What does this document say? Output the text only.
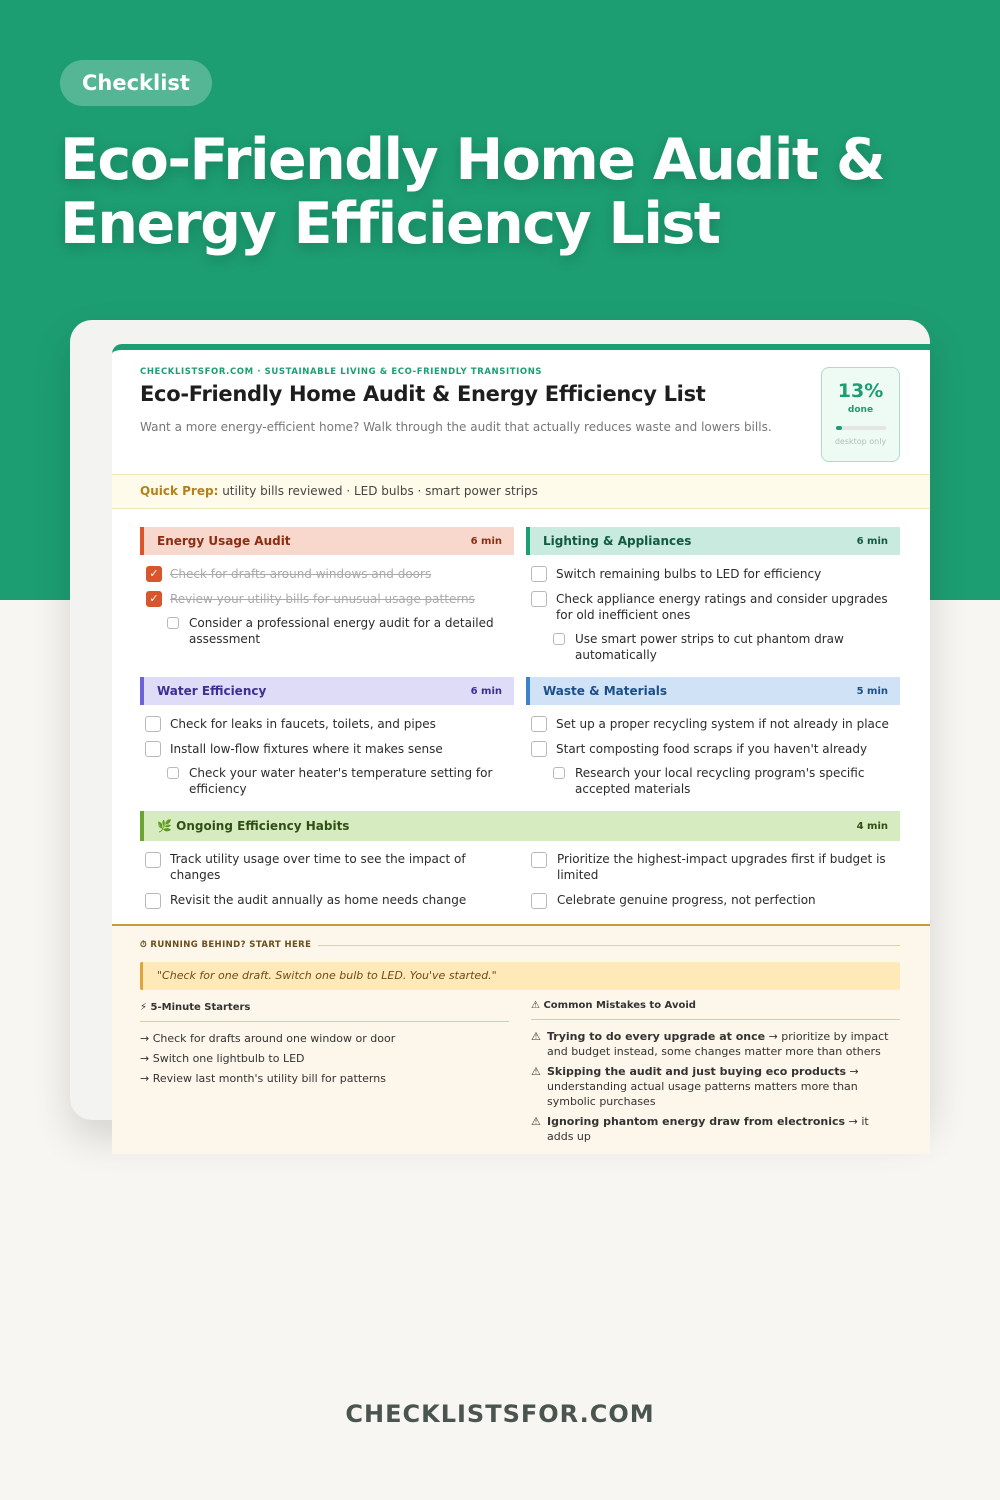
Checklist
Eco-Friendly Home Audit &
Energy Efficiency List
CHECKLISTSFOR.COM · SUSTAINABLE LIVING & ECO-FRIENDLY TRANSITIONS
Eco-Friendly Home Audit & Energy Efficiency List
Want a more energy-efficient home? Walk through the audit that actually reduces waste and lowers bills.
13%
done
desktop only
Quick Prep: utility bills reviewed · LED bulbs · smart power strips
Energy Usage Audit	6 min
✓ Check for drafts around windows and doors
✓ Review your utility bills for unusual usage patterns
Consider a professional energy audit for a detailed assessment
Lighting & Appliances	6 min
Switch remaining bulbs to LED for efficiency
Check appliance energy ratings and consider upgrades for old inefficient ones
Use smart power strips to cut phantom draw automatically
Water Efficiency	6 min
Check for leaks in faucets, toilets, and pipes
Install low-flow fixtures where it makes sense
Check your water heater's temperature setting for efficiency
Waste & Materials	5 min
Set up a proper recycling system if not already in place
Start composting food scraps if you haven't already
Research your local recycling program's specific accepted materials
🌿 Ongoing Efficiency Habits	4 min
Track utility usage over time to see the impact of changes
Revisit the audit annually as home needs change
Prioritize the highest-impact upgrades first if budget is limited
Celebrate genuine progress, not perfection
⏱ RUNNING BEHIND? START HERE
"Check for one draft. Switch one bulb to LED. You've started."
⚡ 5-Minute Starters
→ Check for drafts around one window or door
→ Switch one lightbulb to LED
→ Review last month's utility bill for patterns
⚠ Common Mistakes to Avoid
⚠ Trying to do every upgrade at once → prioritize by impact and budget instead, some changes matter more than others
⚠ Skipping the audit and just buying eco products → understanding actual usage patterns matters more than symbolic purchases
⚠ Ignoring phantom energy draw from electronics → it adds up
CHECKLISTSFOR.COM
